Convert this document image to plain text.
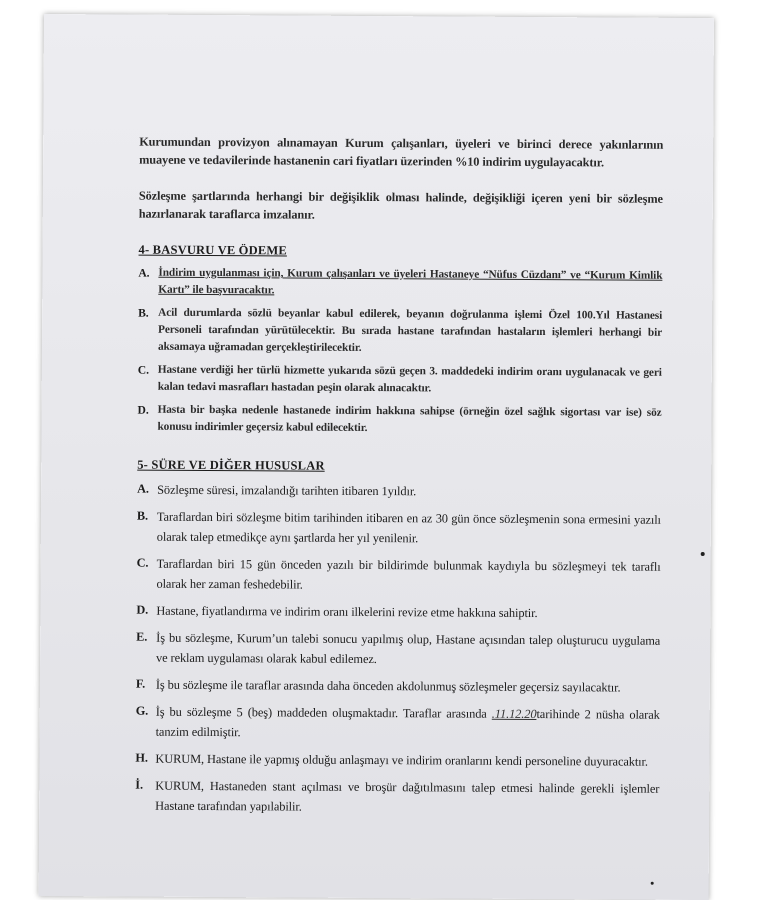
Kurumundan provizyon alınamayan Kurum çalışanları, üyeleri ve birinci derece yakınlarının muayene ve tedavilerinde hastanenin cari fiyatları üzerinden %10 indirim uygulayacaktır.

Sözleşme şartlarında herhangi bir değişiklik olması halinde, değişikliği içeren yeni bir sözleşme hazırlanarak taraflarca imzalanır.

4- BASVURU VE ÖDEME
A. İndirim uygulanması için, Kurum çalışanları ve üyeleri Hastaneye “Nüfus Cüzdanı” ve “Kurum Kimlik Kartı” ile başvuracaktır.
B. Acil durumlarda sözlü beyanlar kabul edilerek, beyanın doğrulanma işlemi Özel 100.Yıl Hastanesi Personeli tarafından yürütülecektir. Bu sırada hastane tarafından hastaların işlemleri herhangi bir aksamaya uğramadan gerçekleştirilecektir.
C. Hastane verdiği her türlü hizmette yukarıda sözü geçen 3. maddedeki indirim oranı uygulanacak ve geri kalan tedavi masrafları hastadan peşin olarak alınacaktır.
D. Hasta bir başka nedenle hastanede indirim hakkına sahipse (örneğin özel sağlık sigortası var ise) söz konusu indirimler geçersiz kabul edilecektir.
5- SÜRE VE DİĞER HUSUSLAR
A. Sözleşme süresi, imzalandığı tarihten itibaren 1yıldır.
B. Taraflardan biri sözleşme bitim tarihinden itibaren en az 30 gün önce sözleşmenin sona ermesini yazılı olarak talep etmedikçe aynı şartlarda her yıl yenilenir.
C. Taraflardan biri 15 gün önceden yazılı bir bildirimde bulunmak kaydıyla bu sözleşmeyi tek taraflı olarak her zaman feshedebilir.
D. Hastane, fiyatlandırma ve indirim oranı ilkelerini revize etme hakkına sahiptir.
E. İş bu sözleşme, Kurum’un talebi sonucu yapılmış olup, Hastane açısından talep oluşturucu uygulama ve reklam uygulaması olarak kabul edilemez.
F. İş bu sözleşme ile taraflar arasında daha önceden akdolunmuş sözleşmeler geçersiz sayılacaktır.
G. İş bu sözleşme 5 (beş) maddeden oluşmaktadır. Taraflar arasında .11.12.20tarihinde 2 nüsha olarak tanzim edilmiştir.
H. KURUM, Hastane ile yapmış olduğu anlaşmayı ve indirim oranlarını kendi personeline duyuracaktır.
İ. KURUM, Hastaneden stant açılması ve broşür dağıtılmasını talep etmesi halinde gerekli işlemler Hastane tarafından yapılabilir.
